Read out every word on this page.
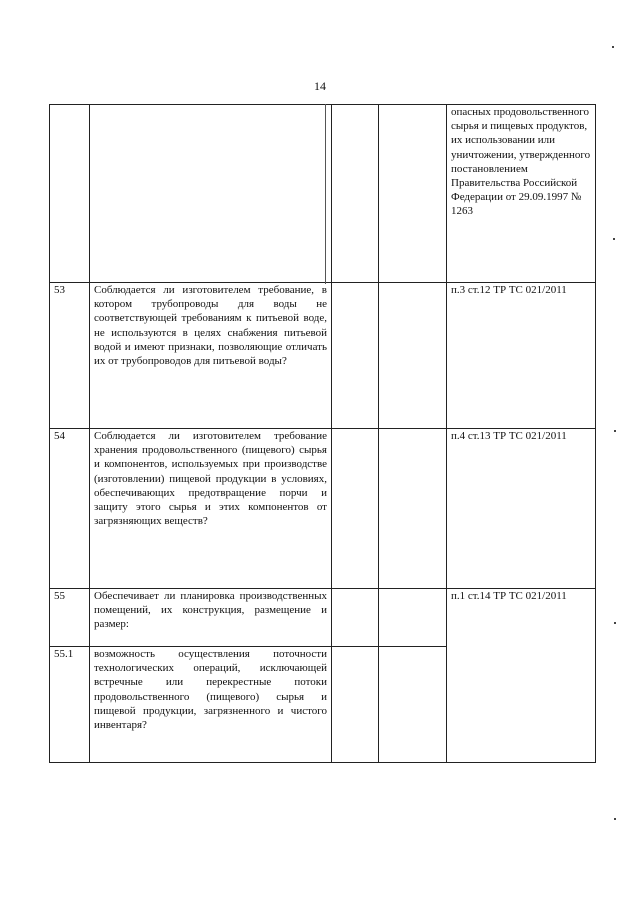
14
				опасных продовольственного сырья и пищевых продуктов, их использовании или уничтожении, утвержденного постановлением Правительства Российской Федерации от 29.09.1997 № 1263
53	Соблюдается ли изготовителем требование, в котором трубопроводы для воды не соответствующей требованиям к питьевой воде, не используются в целях снабжения питьевой водой и имеют признаки, позволяющие отличать их от трубопроводов для питьевой воды?			п.3 ст.12 ТР ТС 021/2011
54	Соблюдается ли изготовителем требование хранения продовольственного (пищевого) сырья и компонентов, используемых при производстве (изготовлении) пищевой продукции в условиях, обеспечивающих предотвращение порчи и защиту этого сырья и этих компонентов от загрязняющих веществ?			п.4 ст.13 ТР ТС 021/2011
55	Обеспечивает ли планировка производственных помещений, их конструкция, размещение и размер:			п.1 ст.14 ТР ТС 021/2011
55.1	возможность осуществления поточности технологических операций, исключающей встречные или перекрестные потоки продовольственного (пищевого) сырья и пищевой продукции, загрязненного и чистого инвентаря?			
